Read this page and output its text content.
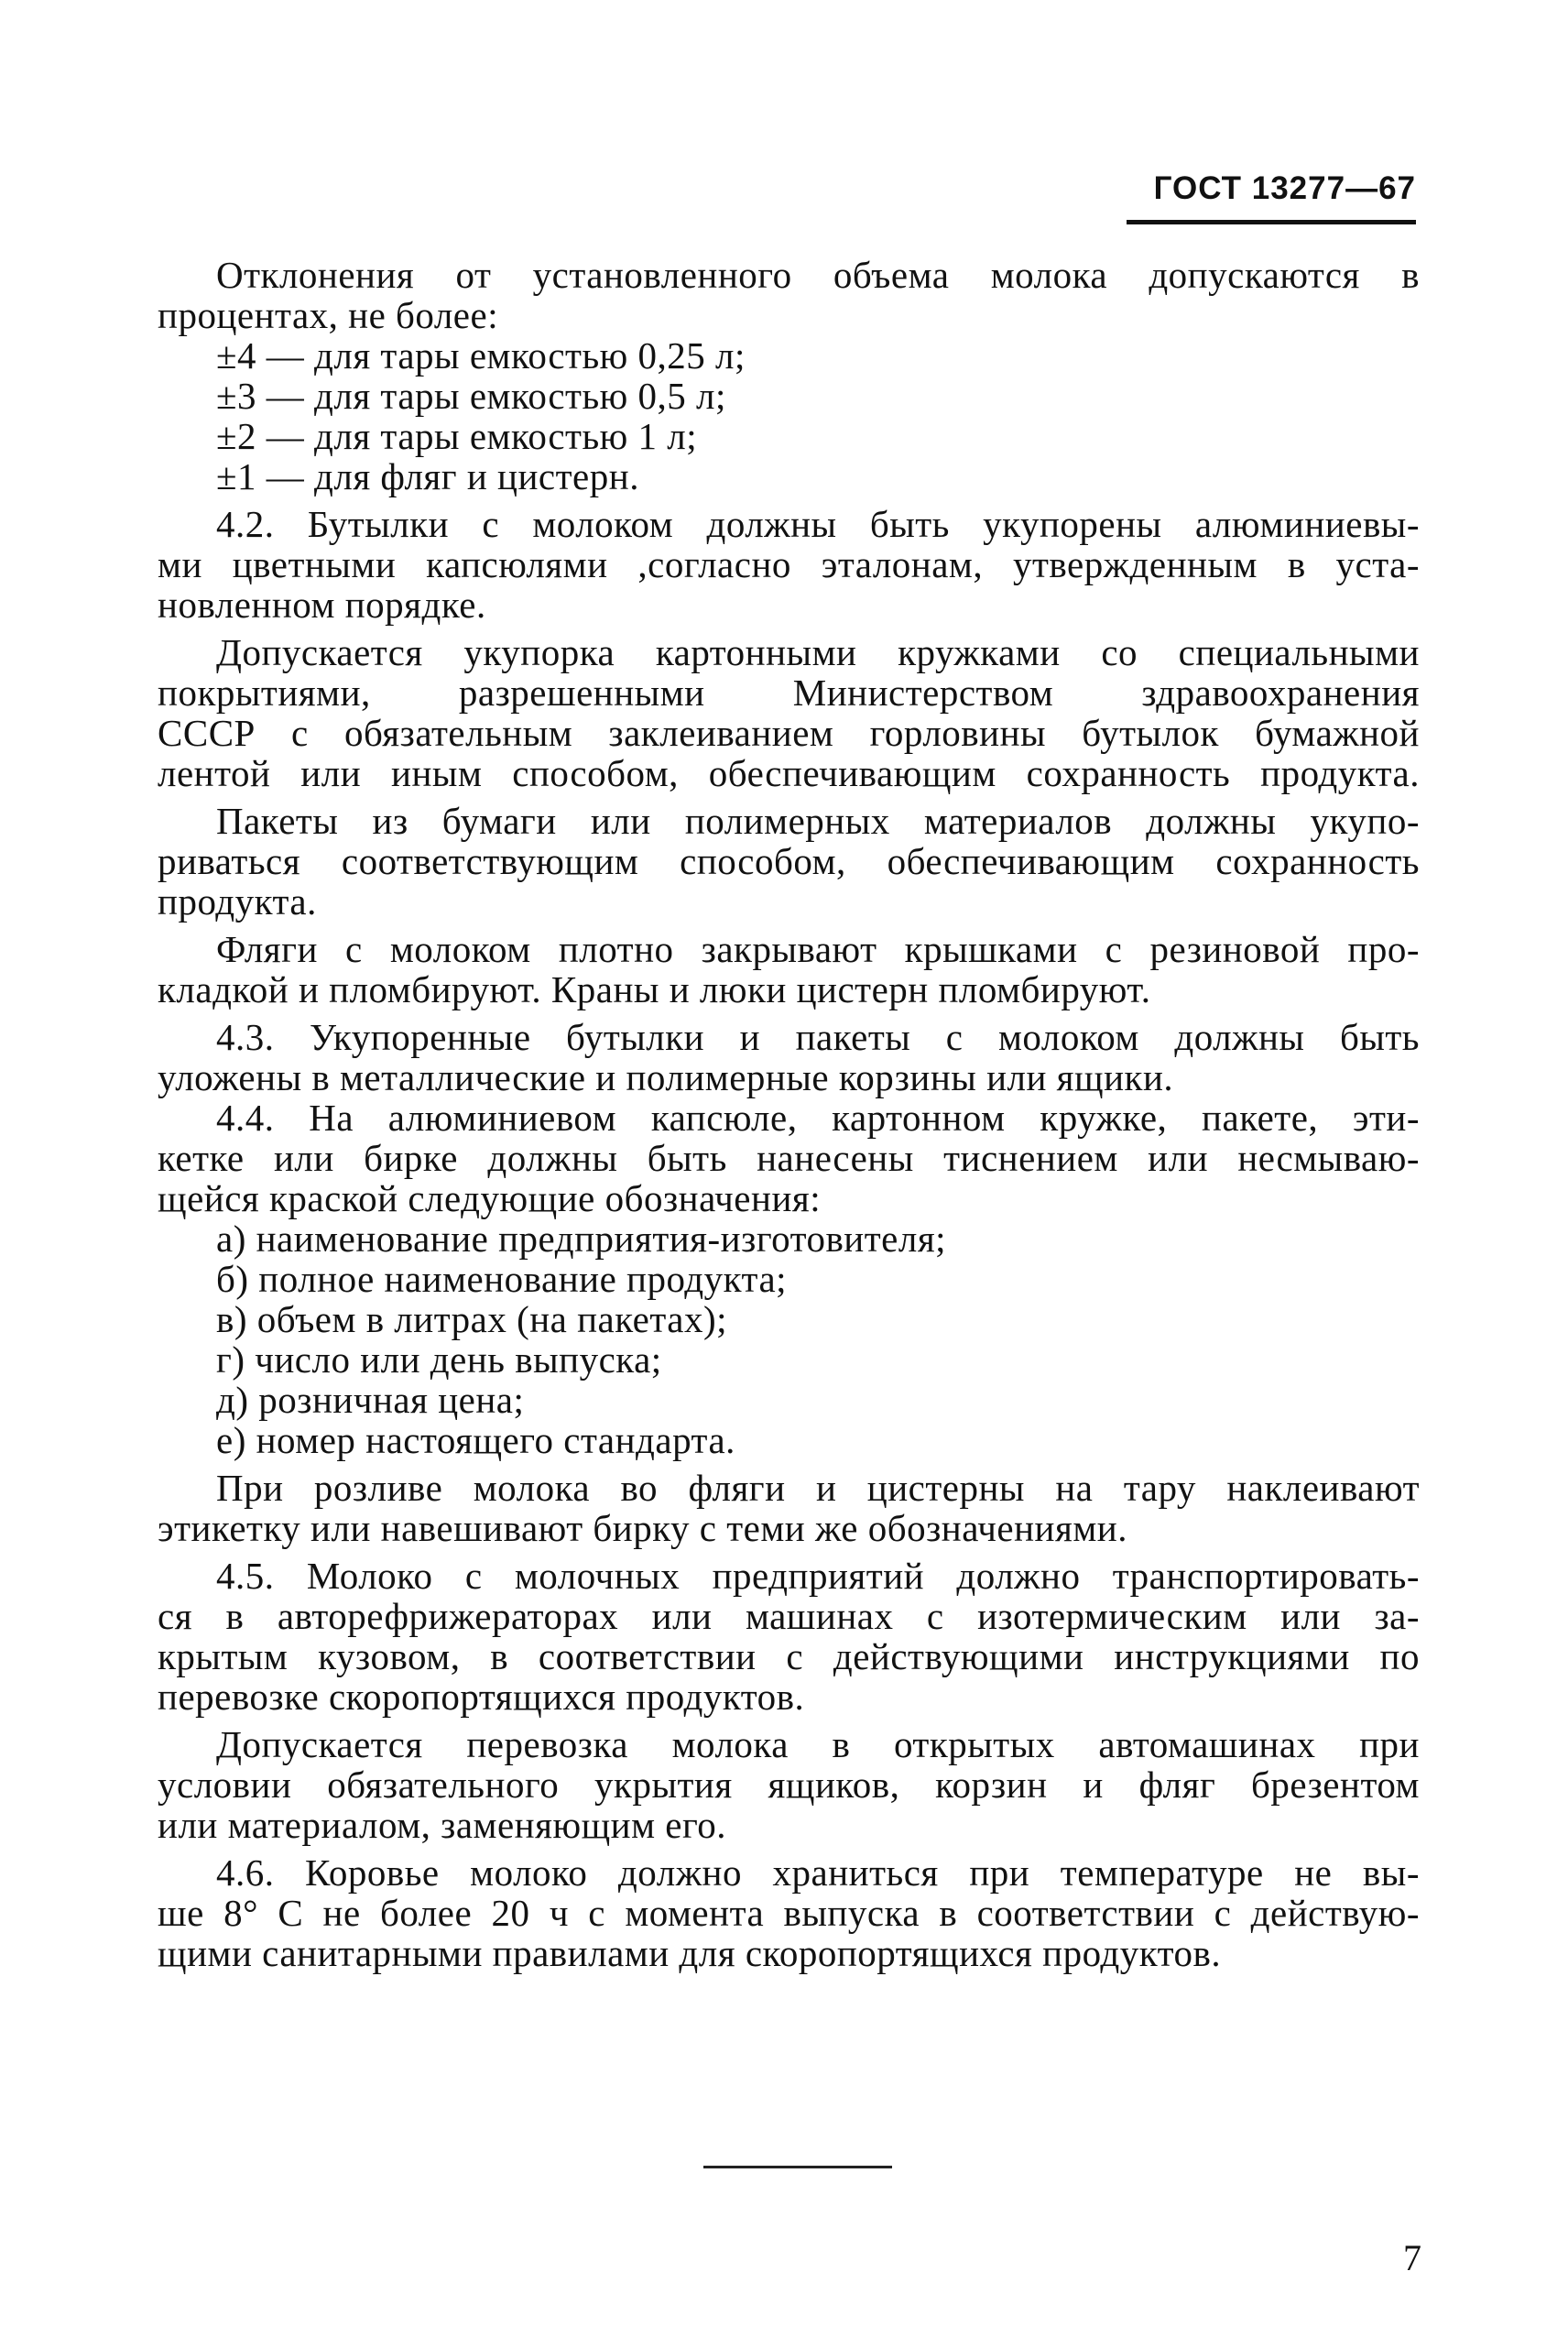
ГОСТ 13277—67

Отклонения от установленного объема молока допускаются в

процентах, не более:

±4 — для тары емкостью 0,25 л;

±3 — для тары емкостью 0,5 л;

±2 — для тары емкостью 1 л;

±1 — для фляг и цистерн.

4.2. Бутылки с молоком должны быть укупорены алюминиевы-

ми цветными капсюлями ,согласно эталонам, утвержденным в уста-

новленном порядке.

Допускается укупорка картонными кружками со специальными

покрытиями, разрешенными Министерством здравоохранения

СССР с обязательным заклеиванием горловины бутылок бумажной

лентой или иным способом, обеспечивающим сохранность продукта.

Пакеты из бумаги или полимерных материалов должны укупо-

риваться соответствующим способом, обеспечивающим сохранность

продукта.

Фляги с молоком плотно закрывают крышками с резиновой про-

кладкой и пломбируют. Краны и люки цистерн пломбируют.

4.3. Укупоренные бутылки и пакеты с молоком должны быть

уложены в металлические и полимерные корзины или ящики.

4.4. На алюминиевом капсюле, картонном кружке, пакете, эти-

кетке или бирке должны быть нанесены тиснением или несмываю-

щейся краской следующие обозначения:

а) наименование предприятия-изготовителя;

б) полное наименование продукта;

в) объем в литрах (на пакетах);

г) число или день выпуска;

д) розничная цена;

е) номер настоящего стандарта.

При розливе молока во фляги и цистерны на тару наклеивают

этикетку или навешивают бирку с теми же обозначениями.

4.5. Молоко с молочных предприятий должно транспортировать-

ся в авторефрижераторах или машинах с изотермическим или за-

крытым кузовом, в соответствии с действующими инструкциями по

перевозке скоропортящихся продуктов.

Допускается перевозка молока в открытых автомашинах при

условии обязательного укрытия ящиков, корзин и фляг брезентом

или материалом, заменяющим его.

4.6. Коровье молоко должно храниться при температуре не вы-

ше 8° С не более 20 ч с момента выпуска в соответствии с действую-

щими санитарными правилами для скоропортящихся продуктов.

7
